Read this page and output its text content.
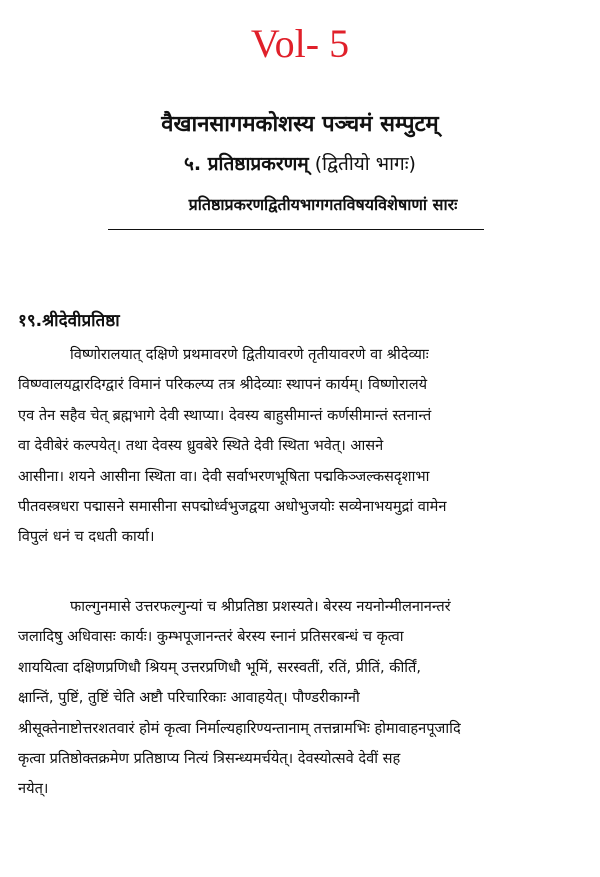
Vol- 5
वैखानसागमकोशस्य पञ्चमं सम्पुटम्
५. प्रतिष्ठाप्रकरणम् (द्वितीयो भागः)
प्रतिष्ठाप्रकरणद्वितीयभागगतविषयविशेषाणां सारः
१९.श्रीदेवीप्रतिष्ठा
विष्णोरालयात् दक्षिणे प्रथमावरणे द्वितीयावरणे तृतीयावरणे वा श्रीदेव्याः
विष्ण्वालयद्वारदिग्द्वारं विमानं परिकल्प्य तत्र श्रीदेव्याः स्थापनं कार्यम्। विष्णोरालये
एव तेन सहैव चेत् ब्रह्मभागे देवी स्थाप्या। देवस्य बाहुसीमान्तं कर्णसीमान्तं स्तनान्तं
वा देवीबेरं कल्पयेत्। तथा देवस्य ध्रुवबेरे स्थिते देवी स्थिता भवेत्। आसने
आसीना। शयने आसीना स्थिता वा। देवी सर्वाभरणभूषिता पद्मकिञ्जल्कसदृशाभा
पीतवस्त्रधरा पद्मासने समासीना सपद्मोर्ध्वभुजद्वया अधोभुजयोः सव्येनाभयमुद्रां वामेन
विपुलं धनं च दधती कार्या।
फाल्गुनमासे उत्तरफल्गुन्यां च श्रीप्रतिष्ठा प्रशस्यते। बेरस्य नयनोन्मीलनानन्तरं
जलादिषु अधिवासः कार्यः। कुम्भपूजानन्तरं बेरस्य स्नानं प्रतिसरबन्धं च कृत्वा
शाययित्वा दक्षिणप्रणिधौ श्रियम् उत्तरप्रणिधौ भूमिं, सरस्वतीं, रतिं, प्रीतिं, कीर्तिं,
क्षान्तिं, पुष्टिं, तुष्टिं चेति अष्टौ परिचारिकाः आवाहयेत्। पौण्डरीकाग्नौ
श्रीसूक्तेनाष्टोत्तरशतवारं होमं कृत्वा निर्माल्यहारिण्यन्तानाम् तत्तन्नामभिः होमावाहनपूजादि
कृत्वा प्रतिष्ठोक्तक्रमेण प्रतिष्ठाप्य नित्यं त्रिसन्ध्यमर्चयेत्। देवस्योत्सवे देवीं सह
नयेत्।
